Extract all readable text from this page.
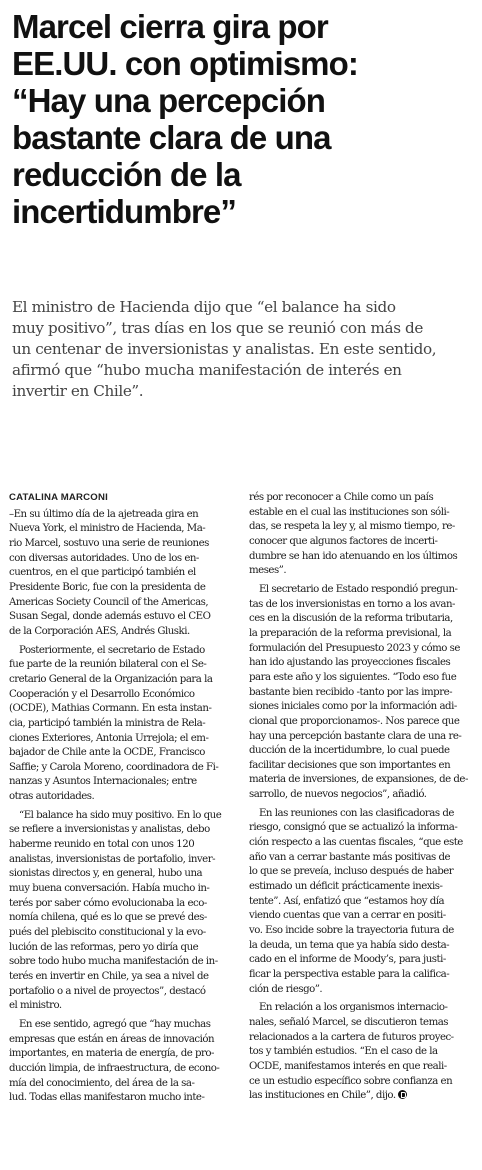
Marcel cierra gira por
EE.UU. con optimismo:
“Hay una percepción
bastante clara de una
reducción de la
incertidumbre”

El ministro de Hacienda dijo que “el balance ha sido
muy positivo”, tras días en los que se reunió con más de
un centenar de inversionistas y analistas. En este sentido,
afirmó que “hubo mucha manifestación de interés en
invertir en Chile”.

CATALINA MARCONI

–En su último día de la ajetreada gira en
Nueva York, el ministro de Hacienda, Ma-
rio Marcel, sostuvo una serie de reuniones
con diversas autoridades. Uno de los en-
cuentros, en el que participó también el
Presidente Boric, fue con la presidenta de
Americas Society Council of the Americas,
Susan Segal, donde además estuvo el CEO
de la Corporación AES, Andrés Gluski.

Posteriormente, el secretario de Estado
fue parte de la reunión bilateral con el Se-
cretario General de la Organización para la
Cooperación y el Desarrollo Económico
(OCDE), Mathias Cormann. En esta instan-
cia, participó también la ministra de Rela-
ciones Exteriores, Antonia Urrejola; el em-
bajador de Chile ante la OCDE, Francisco
Saffie; y Carola Moreno, coordinadora de Fi-
nanzas y Asuntos Internacionales; entre
otras autoridades.

“El balance ha sido muy positivo. En lo que
se refiere a inversionistas y analistas, debo
haberme reunido en total con unos 120
analistas, inversionistas de portafolio, inver-
sionistas directos y, en general, hubo una
muy buena conversación. Había mucho in-
terés por saber cómo evolucionaba la eco-
nomía chilena, qué es lo que se prevé des-
pués del plebiscito constitucional y la evo-
lución de las reformas, pero yo diría que
sobre todo hubo mucha manifestación de in-
terés en invertir en Chile, ya sea a nivel de
portafolio o a nivel de proyectos”, destacó
el ministro.

En ese sentido, agregó que “hay muchas
empresas que están en áreas de innovación
importantes, en materia de energía, de pro-
ducción limpia, de infraestructura, de econo-
mía del conocimiento, del área de la sa-
lud. Todas ellas manifestaron mucho inte-

rés por reconocer a Chile como un país
estable en el cual las instituciones son sóli-
das, se respeta la ley y, al mismo tiempo, re-
conocer que algunos factores de incerti-
dumbre se han ido atenuando en los últimos
meses”.

El secretario de Estado respondió pregun-
tas de los inversionistas en torno a los avan-
ces en la discusión de la reforma tributaria,
la preparación de la reforma previsional, la
formulación del Presupuesto 2023 y cómo se
han ido ajustando las proyecciones fiscales
para este año y los siguientes. “Todo eso fue
bastante bien recibido -tanto por las impre-
siones iniciales como por la información adi-
cional que proporcionamos-. Nos parece que
hay una percepción bastante clara de una re-
ducción de la incertidumbre, lo cual puede
facilitar decisiones que son importantes en
materia de inversiones, de expansiones, de de-
sarrollo, de nuevos negocios”, añadió.

En las reuniones con las clasificadoras de
riesgo, consignó que se actualizó la informa-
ción respecto a las cuentas fiscales, “que este
año van a cerrar bastante más positivas de
lo que se preveía, incluso después de haber
estimado un déficit prácticamente inexis-
tente”. Así, enfatizó que “estamos hoy día
viendo cuentas que van a cerrar en positi-
vo. Eso incide sobre la trayectoria futura de
la deuda, un tema que ya había sido desta-
cado en el informe de Moody’s, para justi-
ficar la perspectiva estable para la califica-
ción de riesgo”.

En relación a los organismos internacio-
nales, señaló Marcel, se discutieron temas
relacionados a la cartera de futuros proyec-
tos y también estudios. “En el caso de la
OCDE, manifestamos interés en que reali-
ce un estudio específico sobre confianza en
las instituciones en Chile”, dijo.
